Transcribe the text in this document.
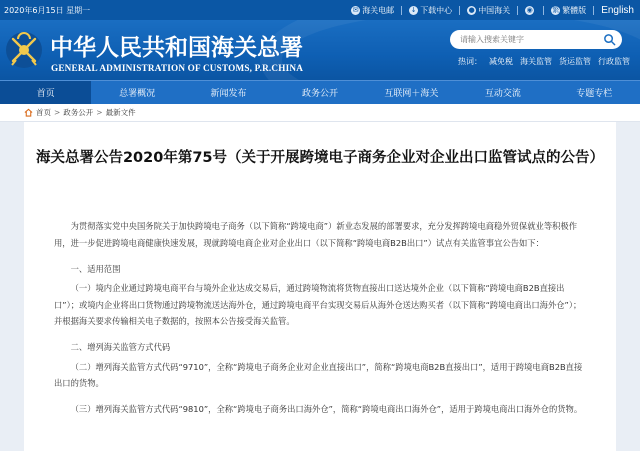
2020年6月15日 星期一	✉ 海关电邮 ↓ 下载中心 ● 中国海关 ◉	繁 繁體版	English
中华人民共和国海关总署
GENERAL ADMINISTRATION OF CUSTOMS, P.R.CHINA
请输入搜索关键字
热词： 减免税 海关监管 货运监管 行政监管
首页	总署概况	新闻发布	政务公开	互联网＋海关	互动交流	专题专栏
首页 > 政务公开 > 最新文件
海关总署公告2020年第75号（关于开展跨境电子商务企业对企业出口监管试点的公告）

为贯彻落实党中央国务院关于加快跨境电子商务（以下简称“跨境电商”）新业态发展的部署要求，充分发挥跨境电商稳外贸保就业等积极作用，进一步促进跨境电商健康快速发展，现就跨境电商企业对企业出口（以下简称“跨境电商B2B出口”）试点有关监管事宜公告如下：

一、适用范围

（一）境内企业通过跨境电商平台与境外企业达成交易后，通过跨境物流将货物直接出口送达境外企业（以下简称“跨境电商B2B直接出口”）；或境内企业将出口货物通过跨境物流送达海外仓，通过跨境电商平台实现交易后从海外仓送达购买者（以下简称“跨境电商出口海外仓”）；并根据海关要求传输相关电子数据的，按照本公告接受海关监管。

二、增列海关监管方式代码

（二）增列海关监管方式代码“9710”，全称“跨境电子商务企业对企业直接出口”，简称“跨境电商B2B直接出口”，适用于跨境电商B2B直接出口的货物。

（三）增列海关监管方式代码“9810”，全称“跨境电子商务出口海外仓”，简称“跨境电商出口海外仓”，适用于跨境电商出口海外仓的货物。
